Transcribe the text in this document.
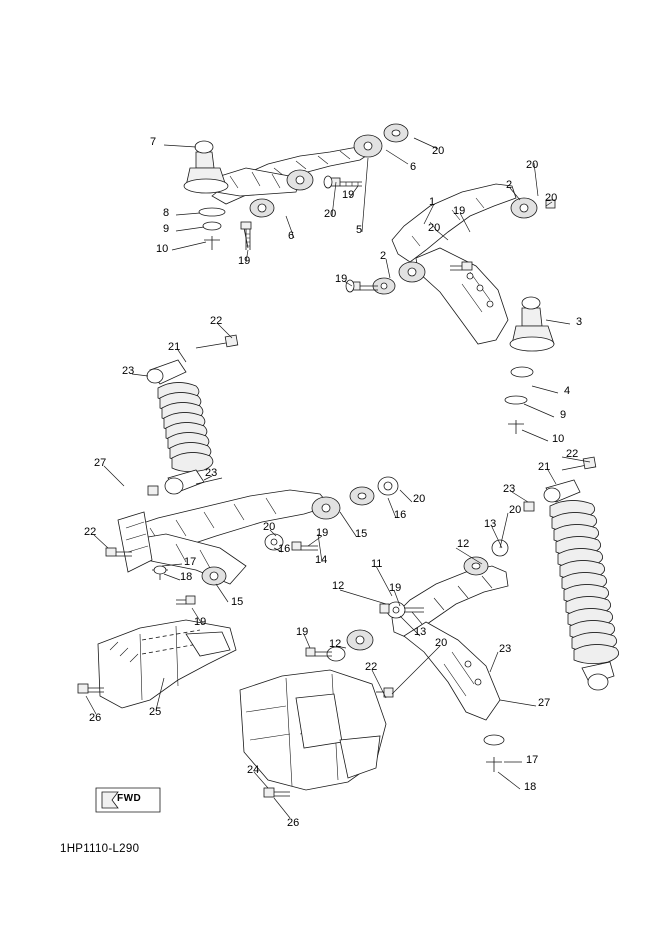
7
20
6	20
2
20
19
1
19
8	20
9
6	5	20
10
19	2
19
3
22
21
23
4
9
10
27
23
22
21
20
16
23
20
13
22	20	19 15
12
16
17	14	11
18
12	19
15
19
19
12
13
20	23
22
26	25
27
24
17
18
26
FWD
1HP1110-L290
